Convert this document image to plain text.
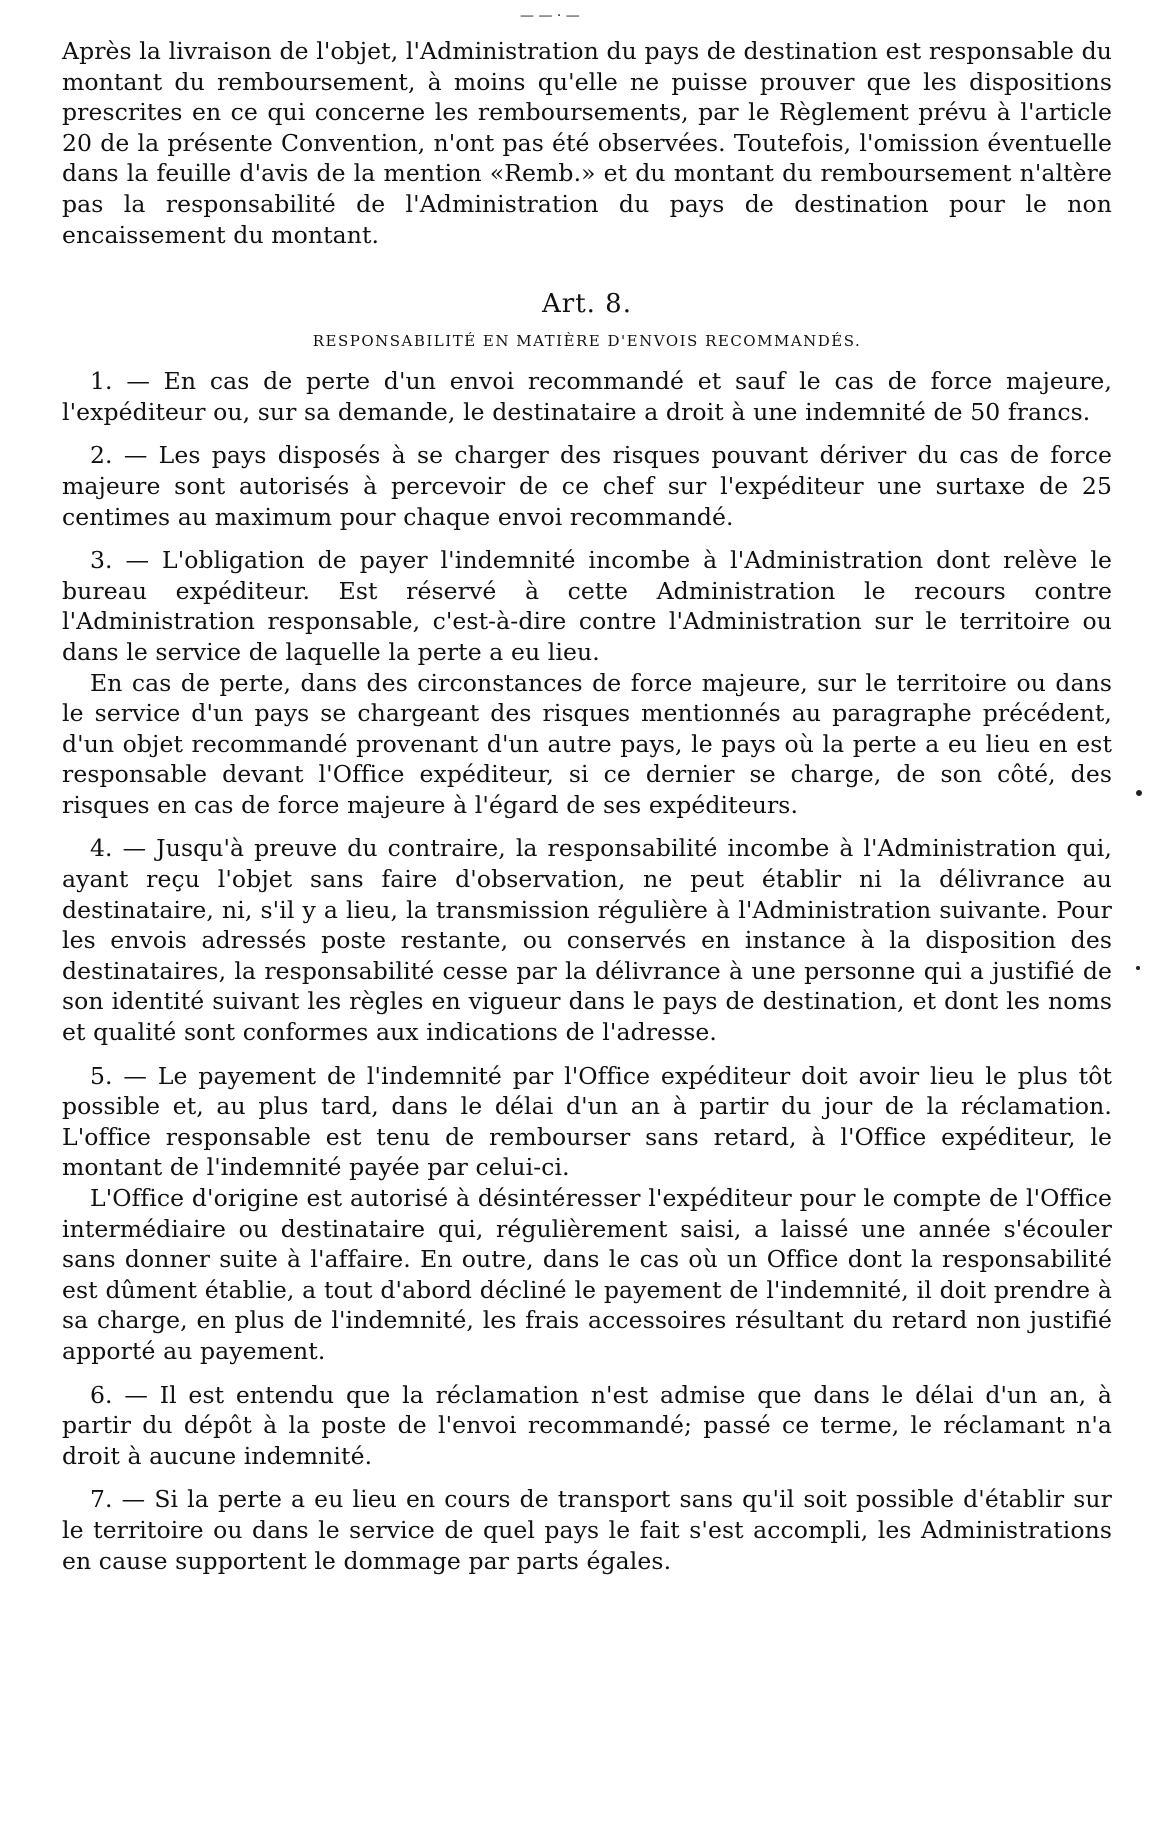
— — · —

Après la livraison de l'objet, l'Administration du pays de destination est responsable du montant du remboursement, à moins qu'elle ne puisse prouver que les dispositions prescrites en ce qui concerne les remboursements, par le Règlement prévu à l'article 20 de la présente Convention, n'ont pas été observées. Toutefois, l'omission éventuelle dans la feuille d'avis de la mention «Remb.» et du montant du remboursement n'altère pas la responsabilité de l'Administration du pays de destination pour le non encaissement du montant.

Art. 8.
RESPONSABILITÉ EN MATIÈRE D'ENVOIS RECOMMANDÉS.

1. — En cas de perte d'un envoi recommandé et sauf le cas de force majeure, l'expéditeur ou, sur sa demande, le destinataire a droit à une indemnité de 50 francs.

2. — Les pays disposés à se charger des risques pouvant dériver du cas de force majeure sont autorisés à percevoir de ce chef sur l'expéditeur une surtaxe de 25 centimes au maximum pour chaque envoi recommandé.

3. — L'obligation de payer l'indemnité incombe à l'Administration dont relève le bureau expéditeur. Est réservé à cette Administration le recours contre l'Administration responsable, c'est-à-dire contre l'Administration sur le territoire ou dans le service de laquelle la perte a eu lieu.

En cas de perte, dans des circonstances de force majeure, sur le territoire ou dans le service d'un pays se chargeant des risques mentionnés au paragraphe précédent, d'un objet recommandé provenant d'un autre pays, le pays où la perte a eu lieu en est responsable devant l'Office expéditeur, si ce dernier se charge, de son côté, des risques en cas de force majeure à l'égard de ses expéditeurs.

4. — Jusqu'à preuve du contraire, la responsabilité incombe à l'Administration qui, ayant reçu l'objet sans faire d'observation, ne peut établir ni la délivrance au destinataire, ni, s'il y a lieu, la transmission régulière à l'Administration suivante. Pour les envois adressés poste restante, ou conservés en instance à la disposition des destinataires, la responsabilité cesse par la délivrance à une personne qui a justifié de son identité suivant les règles en vigueur dans le pays de destination, et dont les noms et qualité sont conformes aux indications de l'adresse.

5. — Le payement de l'indemnité par l'Office expéditeur doit avoir lieu le plus tôt possible et, au plus tard, dans le délai d'un an à partir du jour de la réclamation. L'office responsable est tenu de rembourser sans retard, à l'Office expéditeur, le montant de l'indemnité payée par celui-ci.

L'Office d'origine est autorisé à désintéresser l'expéditeur pour le compte de l'Office intermédiaire ou destinataire qui, régulièrement saisi, a laissé une année s'écouler sans donner suite à l'affaire. En outre, dans le cas où un Office dont la responsabilité est dûment établie, a tout d'abord décliné le payement de l'indemnité, il doit prendre à sa charge, en plus de l'indemnité, les frais accessoires résultant du retard non justifié apporté au payement.

6. — Il est entendu que la réclamation n'est admise que dans le délai d'un an, à partir du dépôt à la poste de l'envoi recommandé; passé ce terme, le réclamant n'a droit à aucune indemnité.

7. — Si la perte a eu lieu en cours de transport sans qu'il soit possible d'établir sur le territoire ou dans le service de quel pays le fait s'est accompli, les Administrations en cause supportent le dommage par parts égales.
